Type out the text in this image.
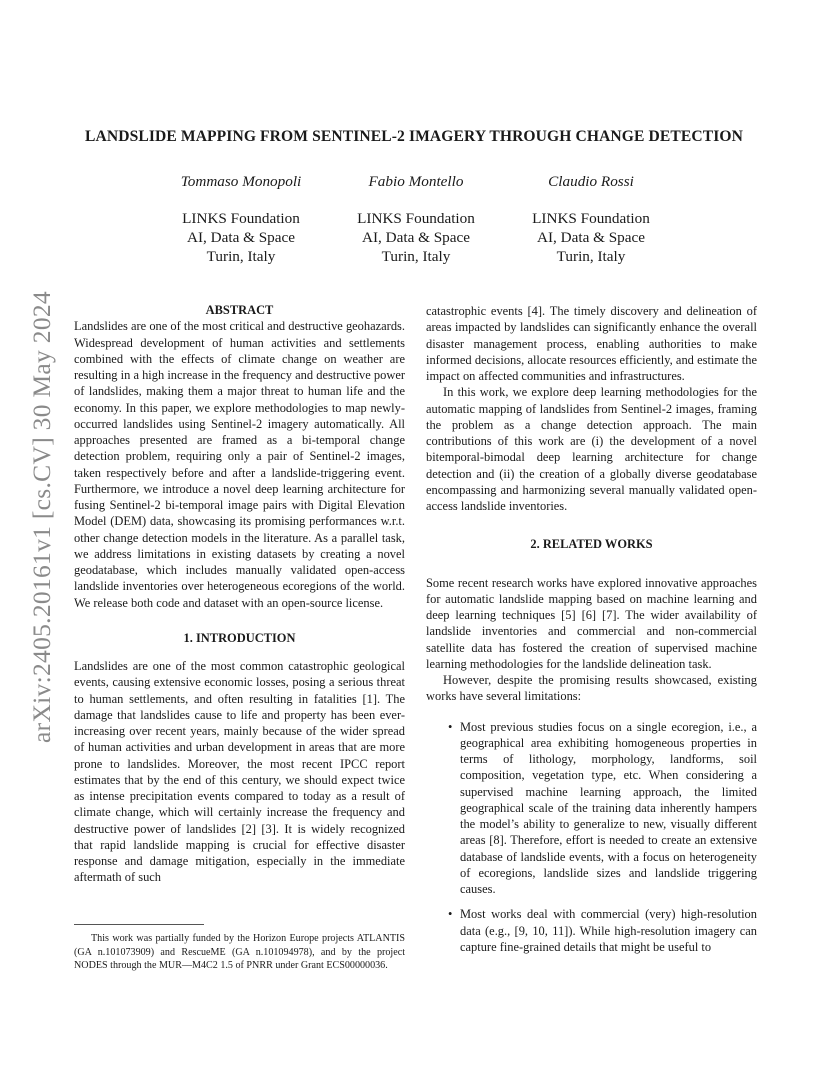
arXiv:2405.20161v1 [cs.CV] 30 May 2024
LANDSLIDE MAPPING FROM SENTINEL-2 IMAGERY THROUGH CHANGE DETECTION
Tommaso Monopoli
LINKS Foundation
AI, Data & Space
Turin, Italy
Fabio Montello
LINKS Foundation
AI, Data & Space
Turin, Italy
Claudio Rossi
LINKS Foundation
AI, Data & Space
Turin, Italy
ABSTRACT

Landslides are one of the most critical and destructive geohazards. Widespread development of human activities and settlements combined with the effects of climate change on weather are resulting in a high increase in the frequency and destructive power of landslides, making them a major threat to human life and the economy. In this paper, we explore methodologies to map newly-occurred landslides using Sentinel-2 imagery automatically. All approaches presented are framed as a bi-temporal change detection problem, requiring only a pair of Sentinel-2 images, taken respectively before and after a landslide-triggering event. Furthermore, we introduce a novel deep learning architecture for fusing Sentinel-2 bi-temporal image pairs with Digital Elevation Model (DEM) data, showcasing its promising performances w.r.t. other change detection models in the literature. As a parallel task, we address limitations in existing datasets by creating a novel geodatabase, which includes manually validated open-access landslide inventories over heterogeneous ecoregions of the world. We release both code and dataset with an open-source license.

1. INTRODUCTION

Landslides are one of the most common catastrophic geological events, causing extensive economic losses, posing a serious threat to human settlements, and often resulting in fatalities [1]. The damage that landslides cause to life and property has been ever-increasing over recent years, mainly because of the wider spread of human activities and urban development in areas that are more prone to landslides. Moreover, the most recent IPCC report estimates that by the end of this century, we should expect twice as intense precipitation events compared to today as a result of climate change, which will certainly increase the frequency and destructive power of landslides [2] [3]. It is widely recognized that rapid landslide mapping is crucial for effective disaster response and damage mitigation, especially in the immediate aftermath of such

This work was partially funded by the Horizon Europe projects ATLANTIS (GA n.101073909) and RescueME (GA n.101094978), and by the project NODES through the MUR—M4C2 1.5 of PNRR under Grant ECS00000036.

catastrophic events [4]. The timely discovery and delineation of areas impacted by landslides can significantly enhance the overall disaster management process, enabling authorities to make informed decisions, allocate resources efficiently, and estimate the impact on affected communities and infrastructures.

In this work, we explore deep learning methodologies for the automatic mapping of landslides from Sentinel-2 images, framing the problem as a change detection approach. The main contributions of this work are (i) the development of a novel bitemporal-bimodal deep learning architecture for change detection and (ii) the creation of a globally diverse geodatabase encompassing and harmonizing several manually validated open-access landslide inventories.

2. RELATED WORKS

Some recent research works have explored innovative approaches for automatic landslide mapping based on machine learning and deep learning techniques [5] [6] [7]. The wider availability of landslide inventories and commercial and non-commercial satellite data has fostered the creation of supervised machine learning methodologies for the landslide delineation task.

However, despite the promising results showcased, existing works have several limitations:

• Most previous studies focus on a single ecoregion, i.e., a geographical area exhibiting homogeneous properties in terms of lithology, morphology, landforms, soil composition, vegetation type, etc. When considering a supervised machine learning approach, the limited geographical scale of the training data inherently hampers the model’s ability to generalize to new, visually different areas [8]. Therefore, effort is needed to create an extensive database of landslide events, with a focus on heterogeneity of ecoregions, landslide sizes and landslide triggering causes.
• Most works deal with commercial (very) high-resolution data (e.g., [9, 10, 11]). While high-resolution imagery can capture fine-grained details that might be useful to
